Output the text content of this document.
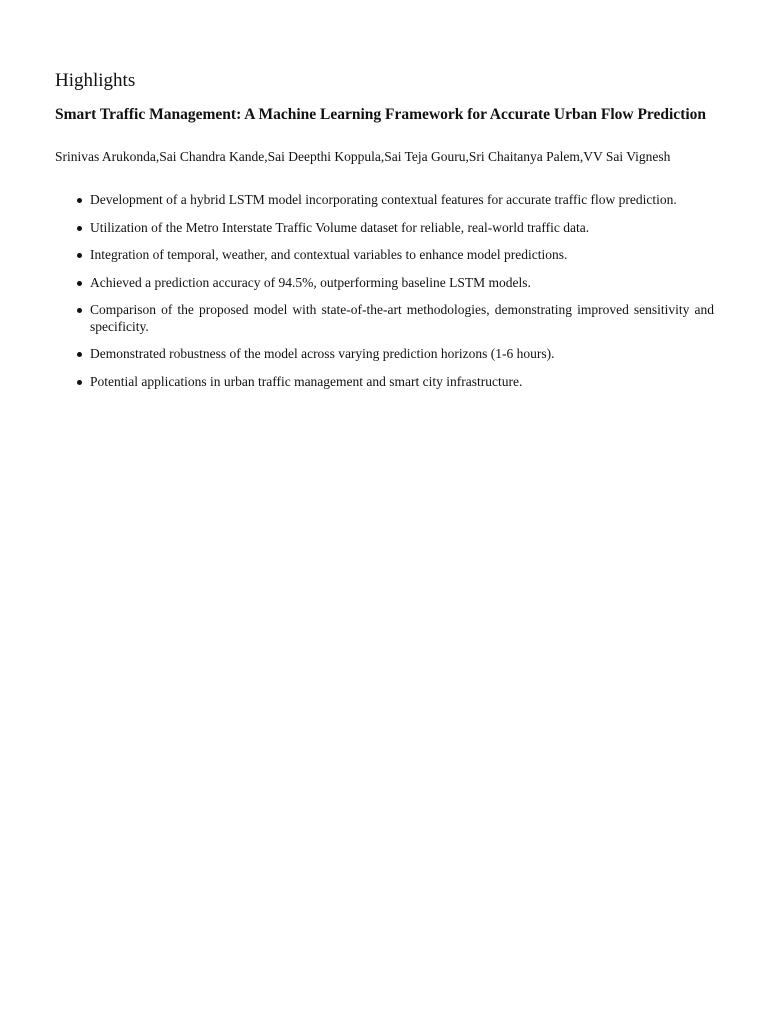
Highlights
Smart Traffic Management: A Machine Learning Framework for Accurate Urban Flow Prediction

Srinivas Arukonda,Sai Chandra Kande,Sai Deepthi Koppula,Sai Teja Gouru,Sri Chaitanya Palem,VV Sai Vignesh

Development of a hybrid LSTM model incorporating contextual features for accurate traffic flow prediction.
Utilization of the Metro Interstate Traffic Volume dataset for reliable, real-world traffic data.
Integration of temporal, weather, and contextual variables to enhance model predictions.
Achieved a prediction accuracy of 94.5%, outperforming baseline LSTM models.
Comparison of the proposed model with state-of-the-art methodologies, demonstrating improved sensitivity and specificity.
Demonstrated robustness of the model across varying prediction horizons (1-6 hours).
Potential applications in urban traffic management and smart city infrastructure.
